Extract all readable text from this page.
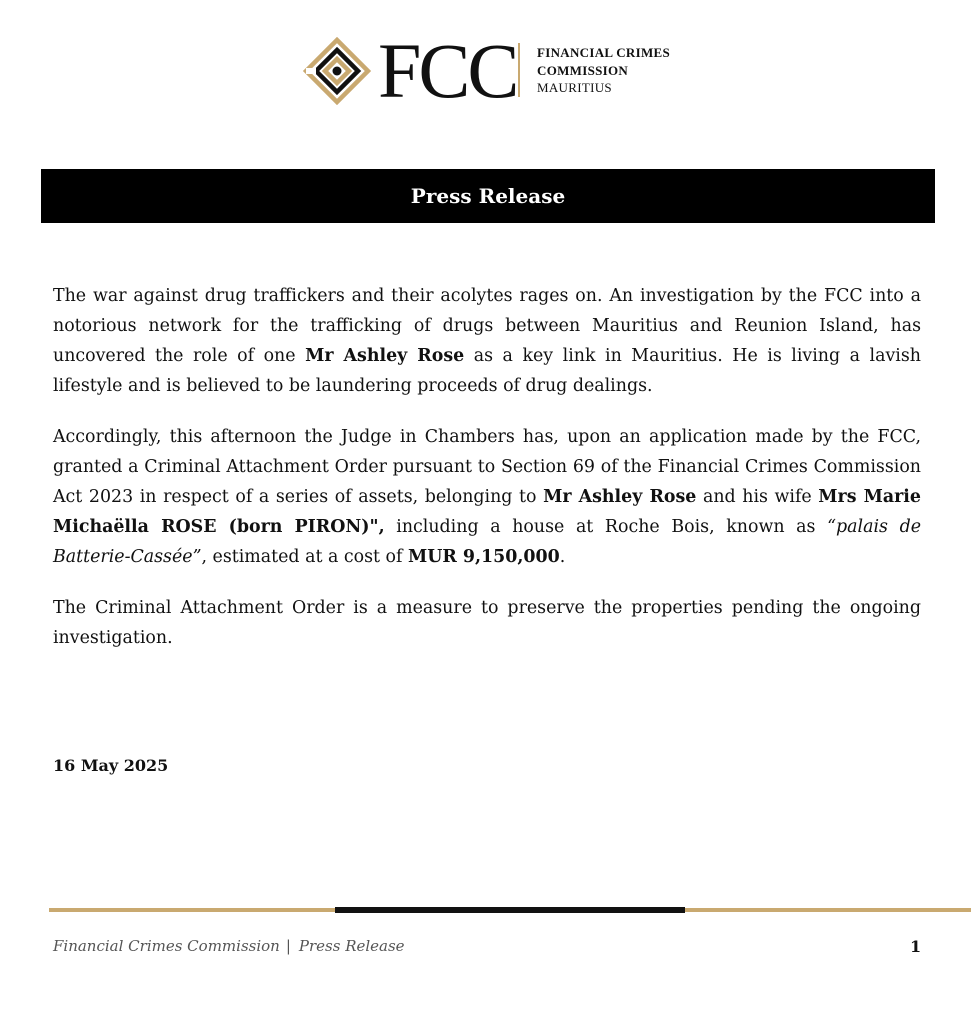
FCC FINANCIAL CRIMES
COMMISSION
MAURITIUS
Press Release

The war against drug traffickers and their acolytes rages on. An investigation by the FCC into a notorious network for the trafficking of drugs between Mauritius and Reunion Island, has uncovered the role of one Mr Ashley Rose as a key link in Mauritius. He is living a lavish lifestyle and is believed to be laundering proceeds of drug dealings.

Accordingly, this afternoon the Judge in Chambers has, upon an application made by the FCC, granted a Criminal Attachment Order pursuant to Section 69 of the Financial Crimes Commission Act 2023 in respect of a series of assets, belonging to Mr Ashley Rose and his wife Mrs Marie Michaëlla ROSE (born PIRON)", including a house at Roche Bois, known as “palais de Batterie-Cassée”, estimated at a cost of MUR 9,150,000.

The Criminal Attachment Order is a measure to preserve the properties pending the ongoing investigation.

16 May 2025
Financial Crimes Commission | Press Release	1
